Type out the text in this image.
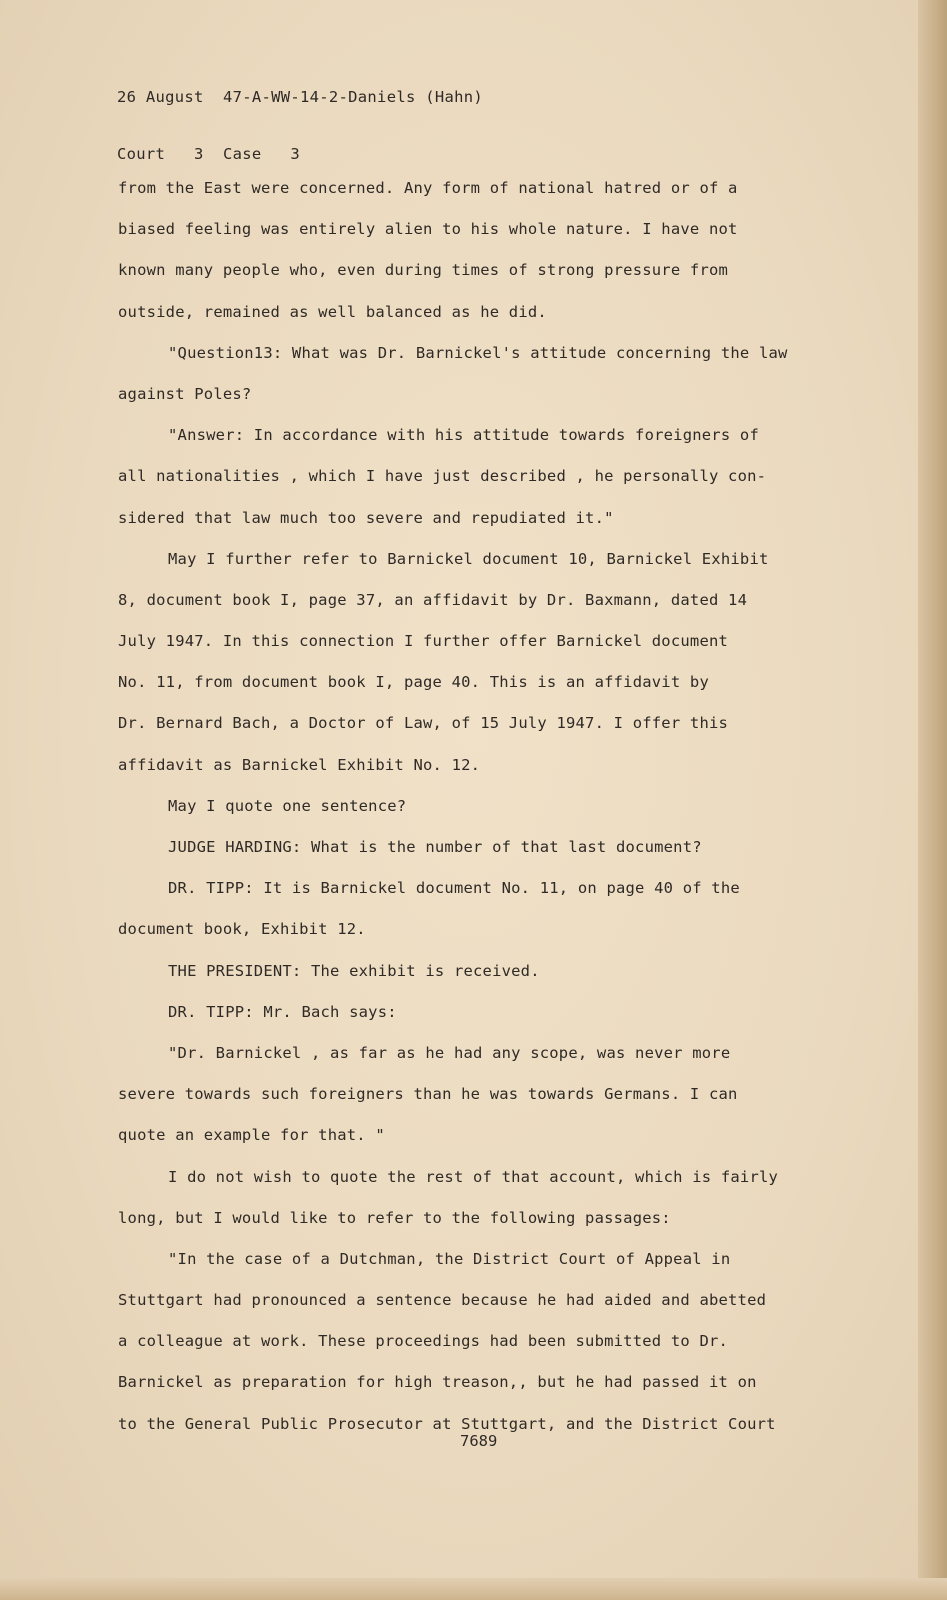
26 August  47-A-WW-14-2-Daniels (Hahn)

Court   3  Case   3

from the East were concerned. Any form of national hatred or of a
biased feeling was entirely alien to his whole nature. I have not
known many people who, even during times of strong pressure from
outside, remained as well balanced as he did.
"Question13: What was Dr. Barnickel's attitude concerning the law
against Poles?
"Answer: In accordance with his attitude towards foreigners of
all nationalities , which I have just described , he personally con-
sidered that law much too severe and repudiated it."
May I further refer to Barnickel document 10, Barnickel Exhibit
8, document book I, page 37, an affidavit by Dr. Baxmann, dated 14
July 1947. In this connection I further offer Barnickel document
No. 11, from document book I, page 40. This is an affidavit by
Dr. Bernard Bach, a Doctor of Law, of 15 July 1947. I offer this
affidavit as Barnickel Exhibit No. 12.
May I quote one sentence?
JUDGE HARDING: What is the number of that last document?
DR. TIPP: It is Barnickel document No. 11, on page 40 of the
document book, Exhibit 12.
THE PRESIDENT: The exhibit is received.
DR. TIPP: Mr. Bach says:
"Dr. Barnickel , as far as he had any scope, was never more
severe towards such foreigners than he was towards Germans. I can
quote an example for that. "
I do not wish to quote the rest of that account, which is fairly
long, but I would like to refer to the following passages:
"In the case of a Dutchman, the District Court of Appeal in
Stuttgart had pronounced a sentence because he had aided and abetted
a colleague at work. These proceedings had been submitted to Dr.
Barnickel as preparation for high treason,, but he had passed it on
to the General Public Prosecutor at Stuttgart, and the District Court
7689
